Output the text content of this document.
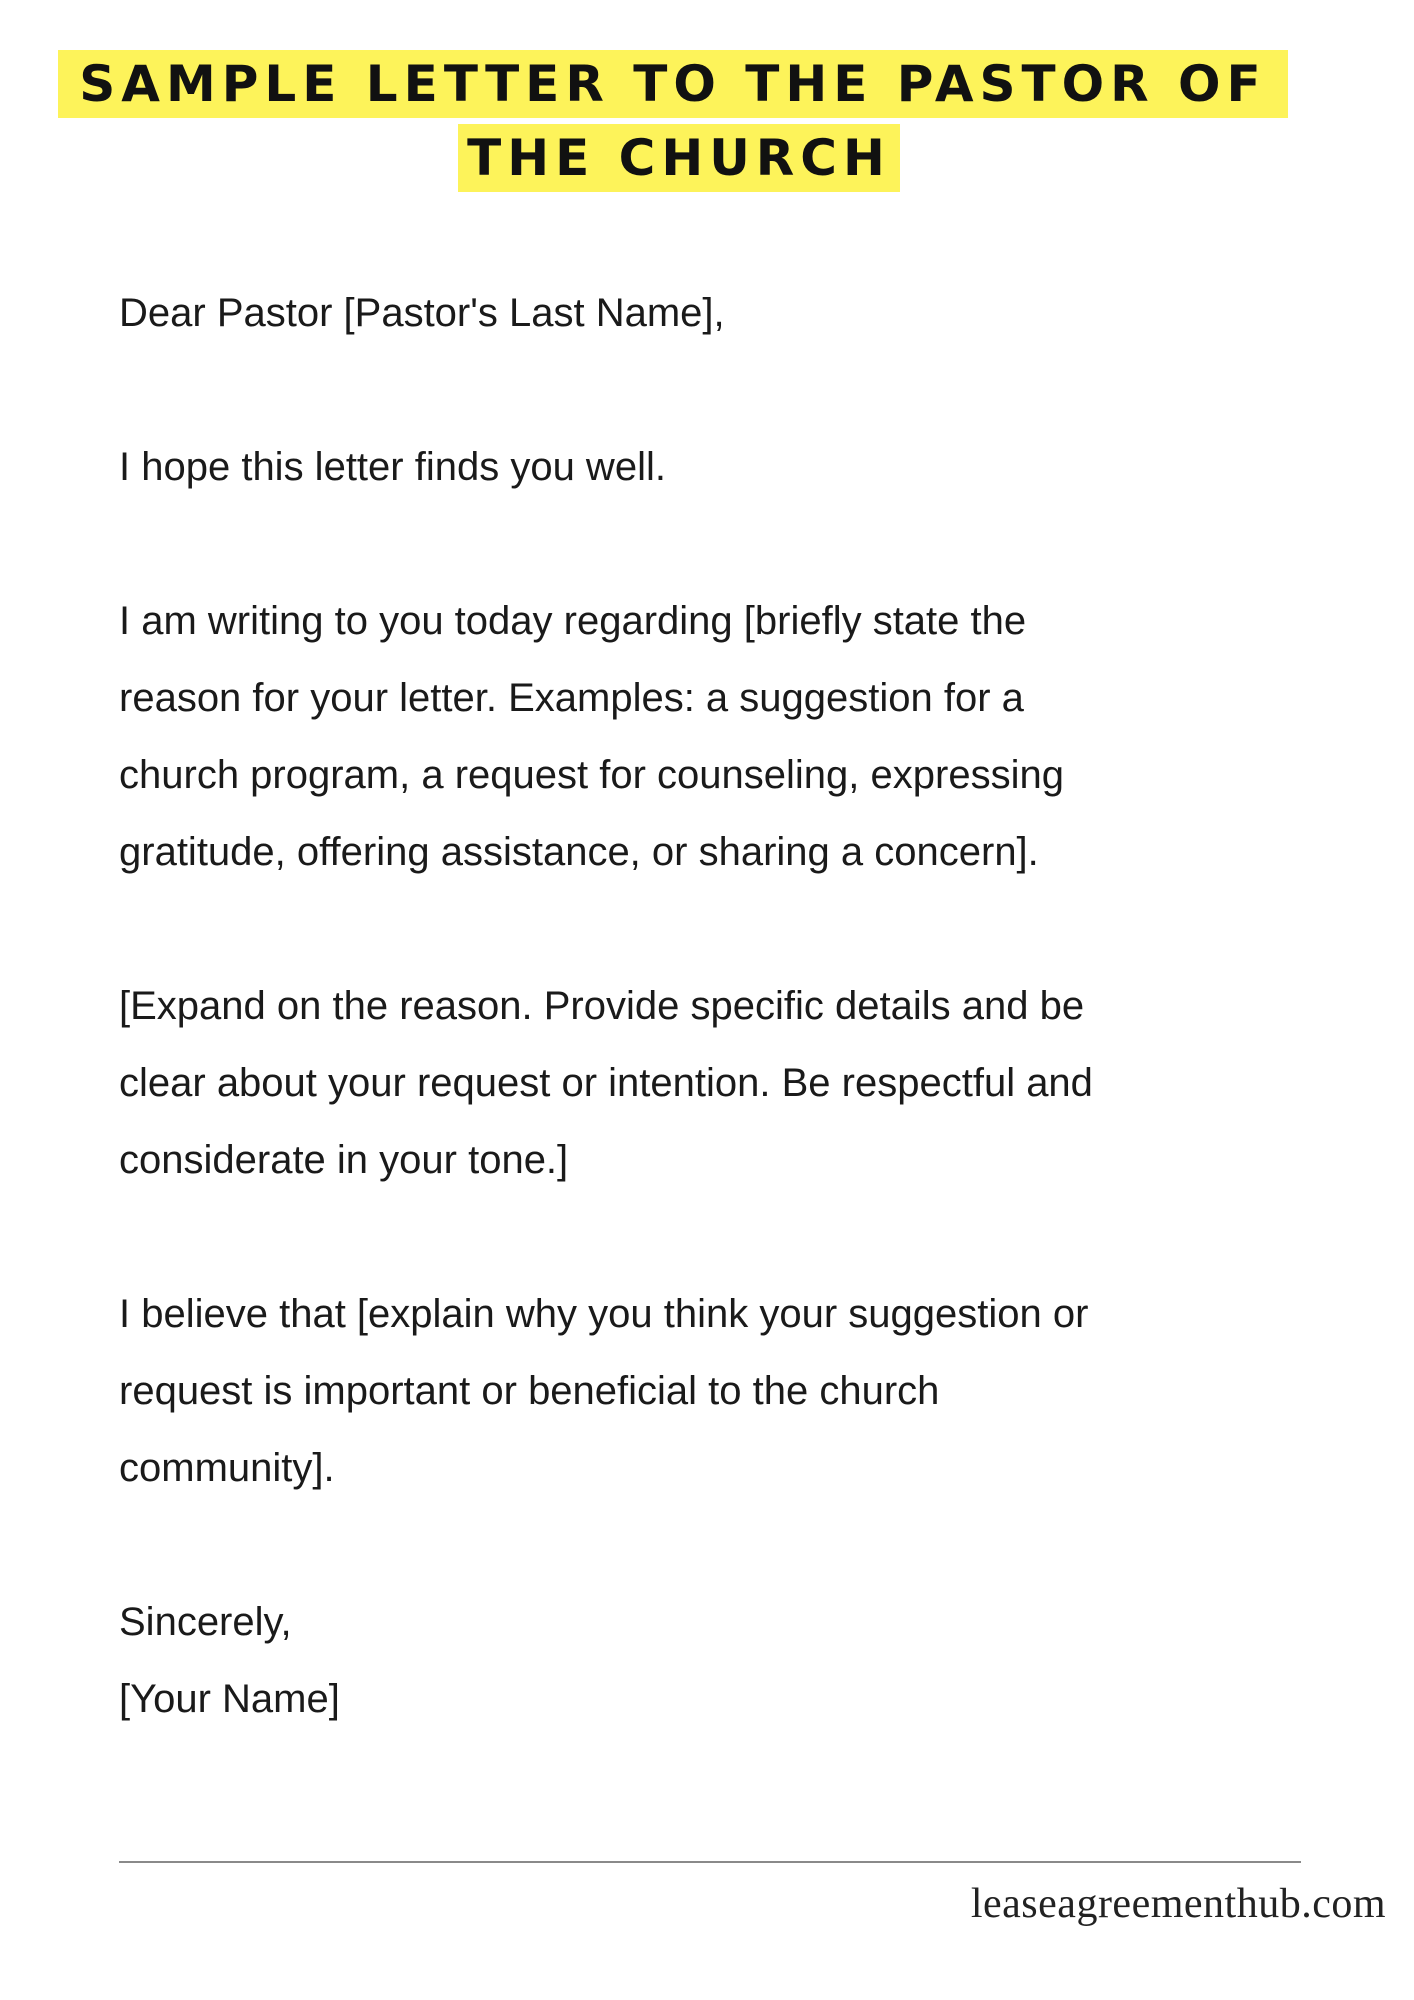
SAMPLE LETTER TO THE PASTOR OF
THE CHURCH

Dear Pastor [Pastor's Last Name],

I hope this letter finds you well.

I am writing to you today regarding [briefly state the
reason for your letter. Examples: a suggestion for a
church program, a request for counseling, expressing
gratitude, offering assistance, or sharing a concern].

[Expand on the reason. Provide specific details and be
clear about your request or intention. Be respectful and
considerate in your tone.]

I believe that [explain why you think your suggestion or
request is important or beneficial to the church
community].

Sincerely,
[Your Name]

leaseagreementhub.com
